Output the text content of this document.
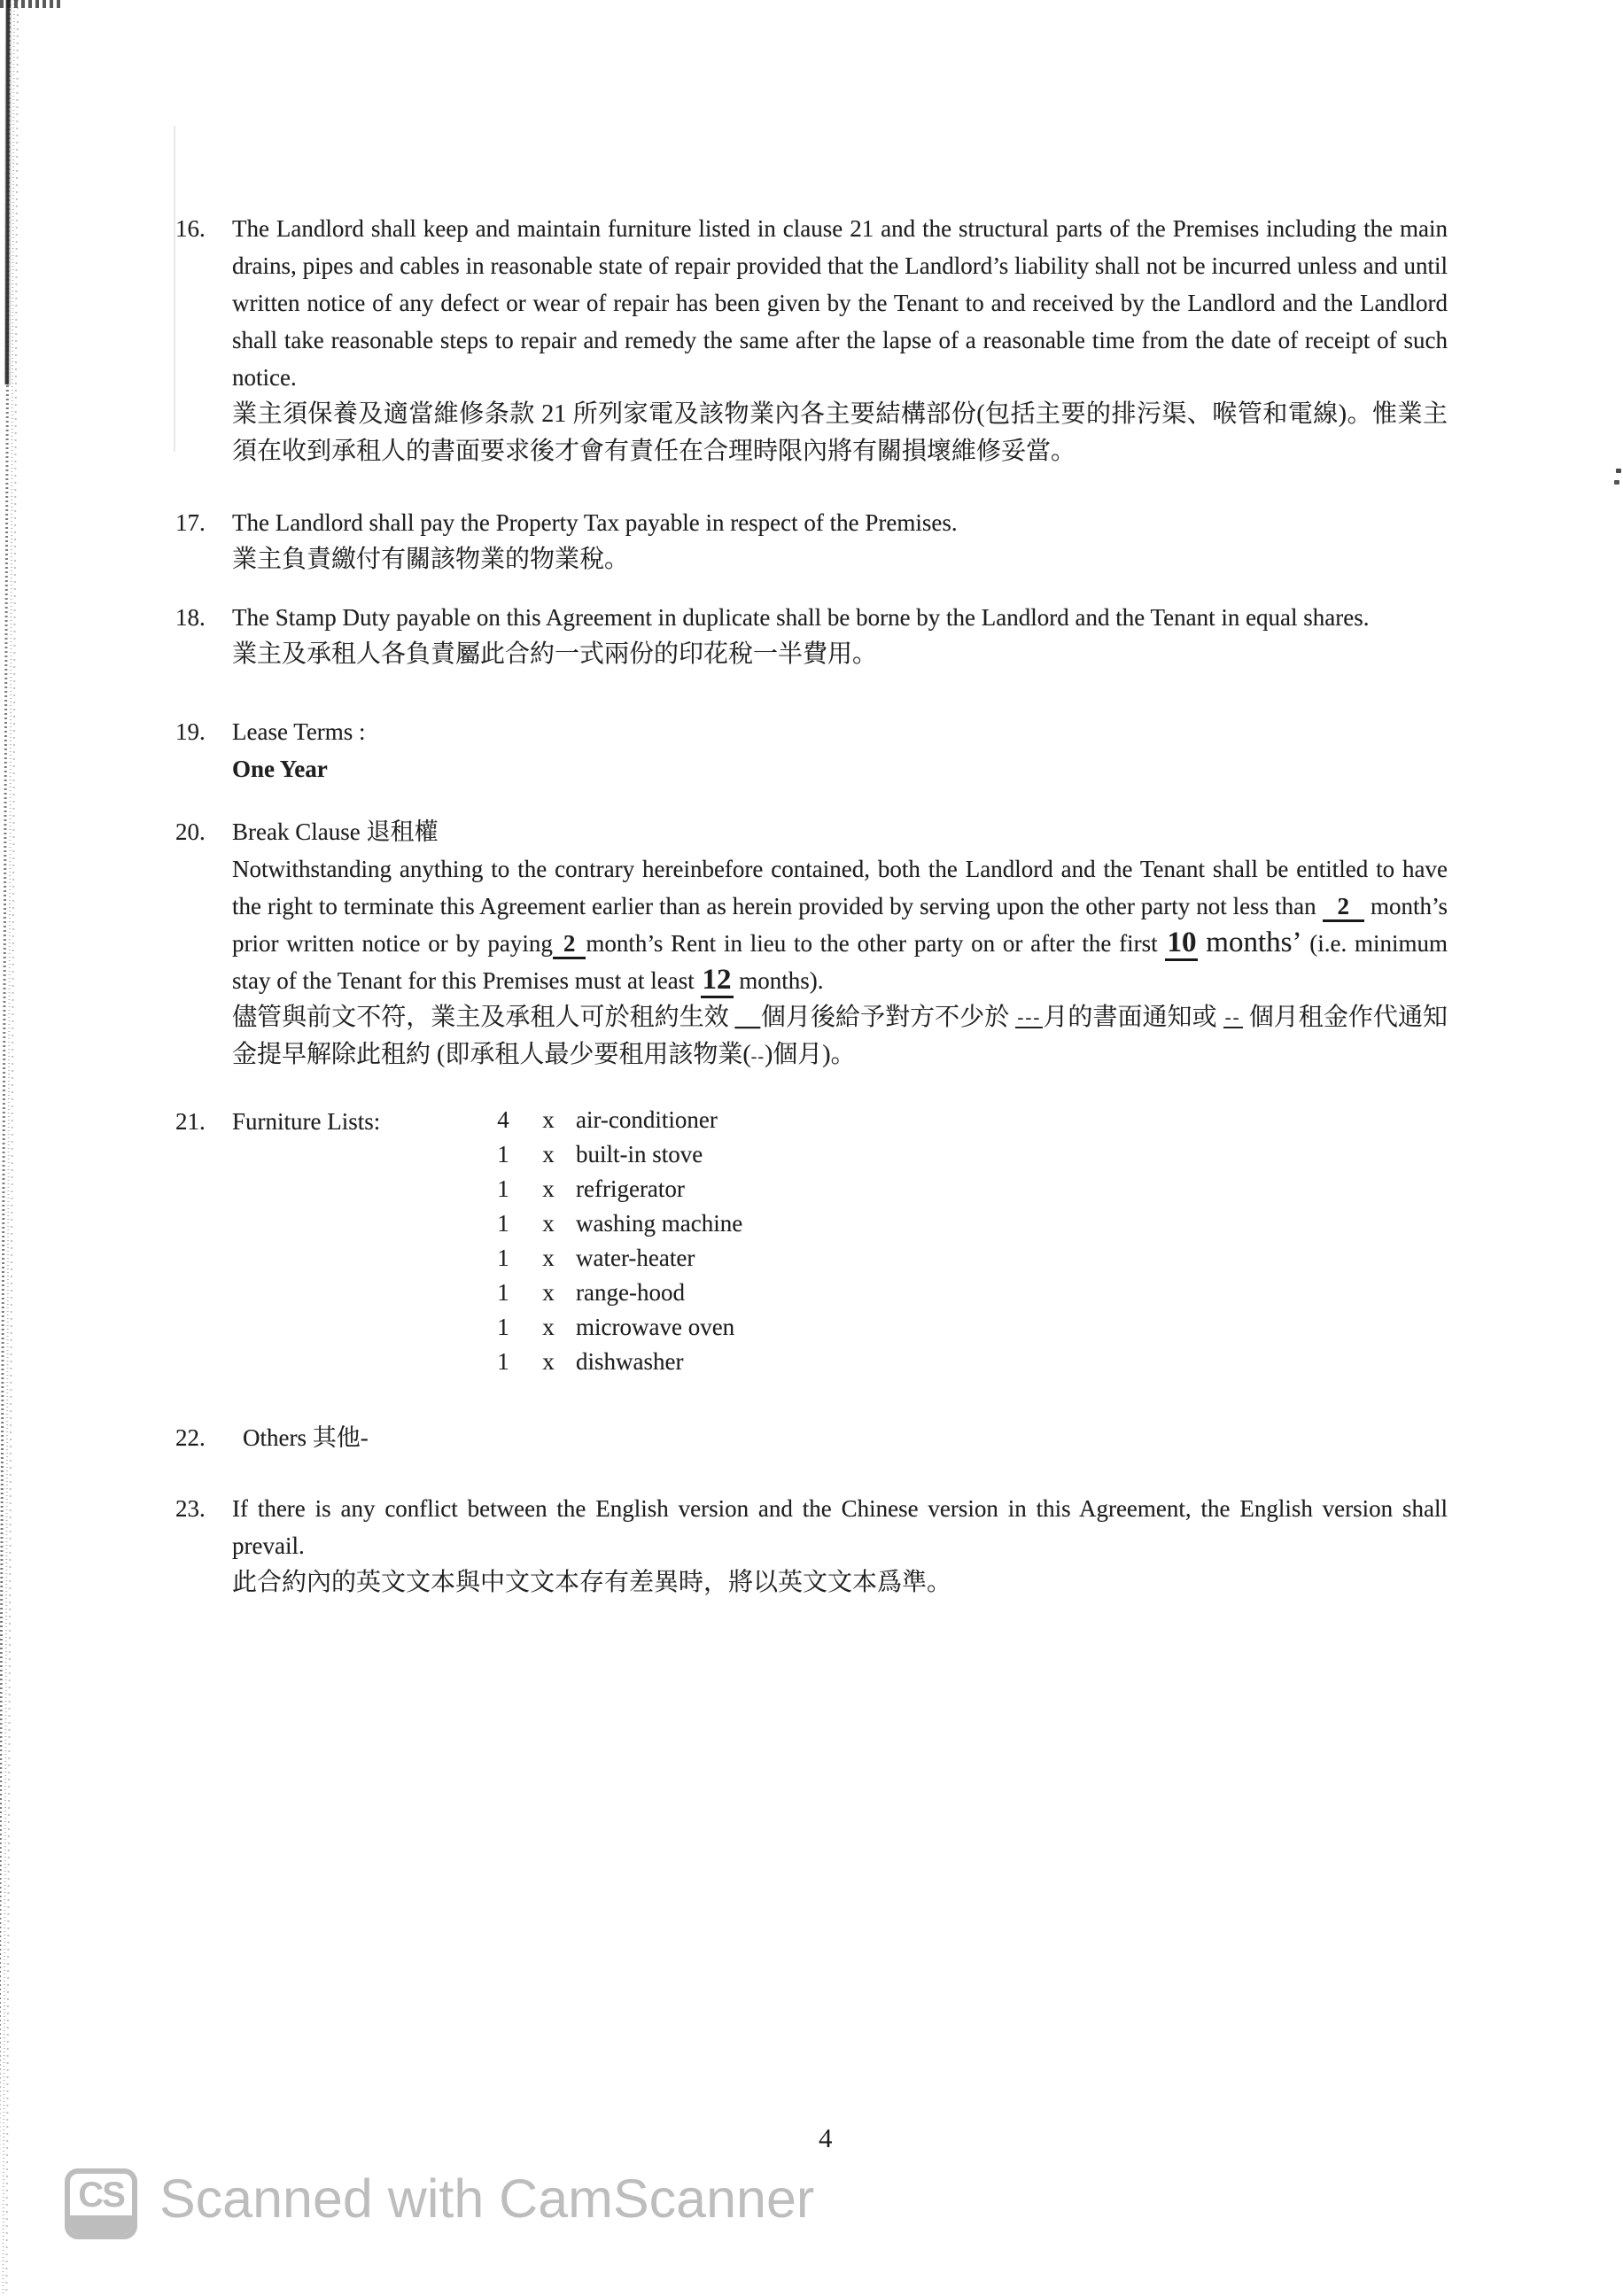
16.	The Landlord shall keep and maintain furniture listed in clause 21 and the structural parts of the Premises including the main drains, pipes and cables in reasonable state of repair provided that the Landlord’s liability shall not be incurred unless and until written notice of any defect or wear of repair has been given by the Tenant to and received by the Landlord and the Landlord shall take reasonable steps to repair and remedy the same after the lapse of a reasonable time from the date of receipt of such notice.
業主須保養及適當維修条款 21 所列家電及該物業內各主要結構部份(包括主要的排污渠、喉管和電線)。惟業主須在收到承租人的書面要求後才會有責任在合理時限內將有關損壞維修妥當。
17.	The Landlord shall pay the Property Tax payable in respect of the Premises.
業主負責繳付有關該物業的物業稅。
18.	The Stamp Duty payable on this Agreement in duplicate shall be borne by the Landlord and the Tenant in equal shares.
業主及承租人各負責屬此合約一式兩份的印花稅一半費用。
19.	Lease Terms :
One Year
20.	Break Clause 退租權
Notwithstanding anything to the contrary hereinbefore contained, both the Landlord and the Tenant shall be entitled to have the right to terminate this Agreement earlier than as herein provided by serving upon the other party not less than 2 month’s prior written notice or by paying 2 month’s Rent in lieu to the other party on or after the first 10 months’ (i.e. minimum stay of the Tenant for this Premises must at least 12 months).
儘管與前文不符，業主及承租人可於租約生效 ＿個月後給予對方不少於 ---月的書面通知或 -- 個月租金作代通知金提早解除此租約 (即承租人最少要租用該物業(--)個月)。
21.	Furniture Lists:	4	x air-conditioner
1	x built-in stove
1	x refrigerator
1	x washing machine
1	x water-heater
1	x range-hood
1	x microwave oven
1	x dishwasher
22.	Others 其他-
23.	If there is any conflict between the English version and the Chinese version in this Agreement, the English version shall prevail.
此合約內的英文文本與中文文本存有差異時，將以英文文本爲準。
4
CS Scanned with CamScanner
